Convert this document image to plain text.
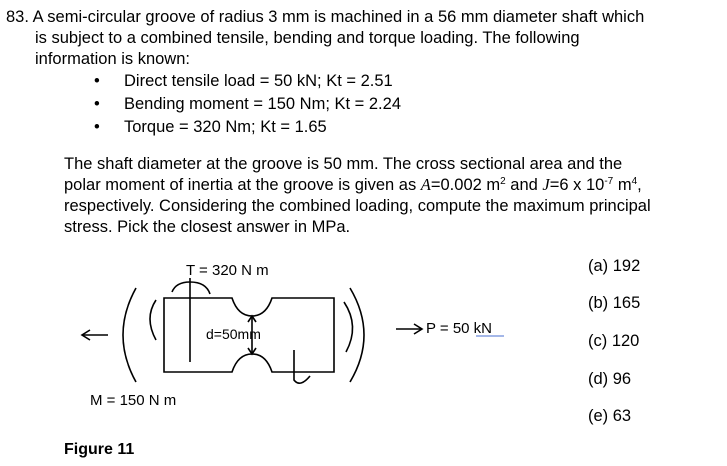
83. A semi-circular groove of radius 3 mm is machined in a 56 mm diameter shaft which
is subject to a combined tensile, bending and torque loading. The following
information is known:
• Direct tensile load = 50 kN; Kt = 2.51
• Bending moment = 150 Nm; Kt = 2.24
• Torque = 320 Nm; Kt = 1.65
The shaft diameter at the groove is 50 mm. The cross sectional area and the
polar moment of inertia at the groove is given as A=0.002 $m^2$ and J=6 x $10^{-7}$ $m^4$,
respectively. Considering the combined loading, compute the maximum principal
stress. Pick the closest answer in MPa.
T = 320 N m
d=50mm	P = 50 kN
M = 150 N m
Figure 11
(a) 192
(b) 165
(c) 120
(d) 96
(e) 63
